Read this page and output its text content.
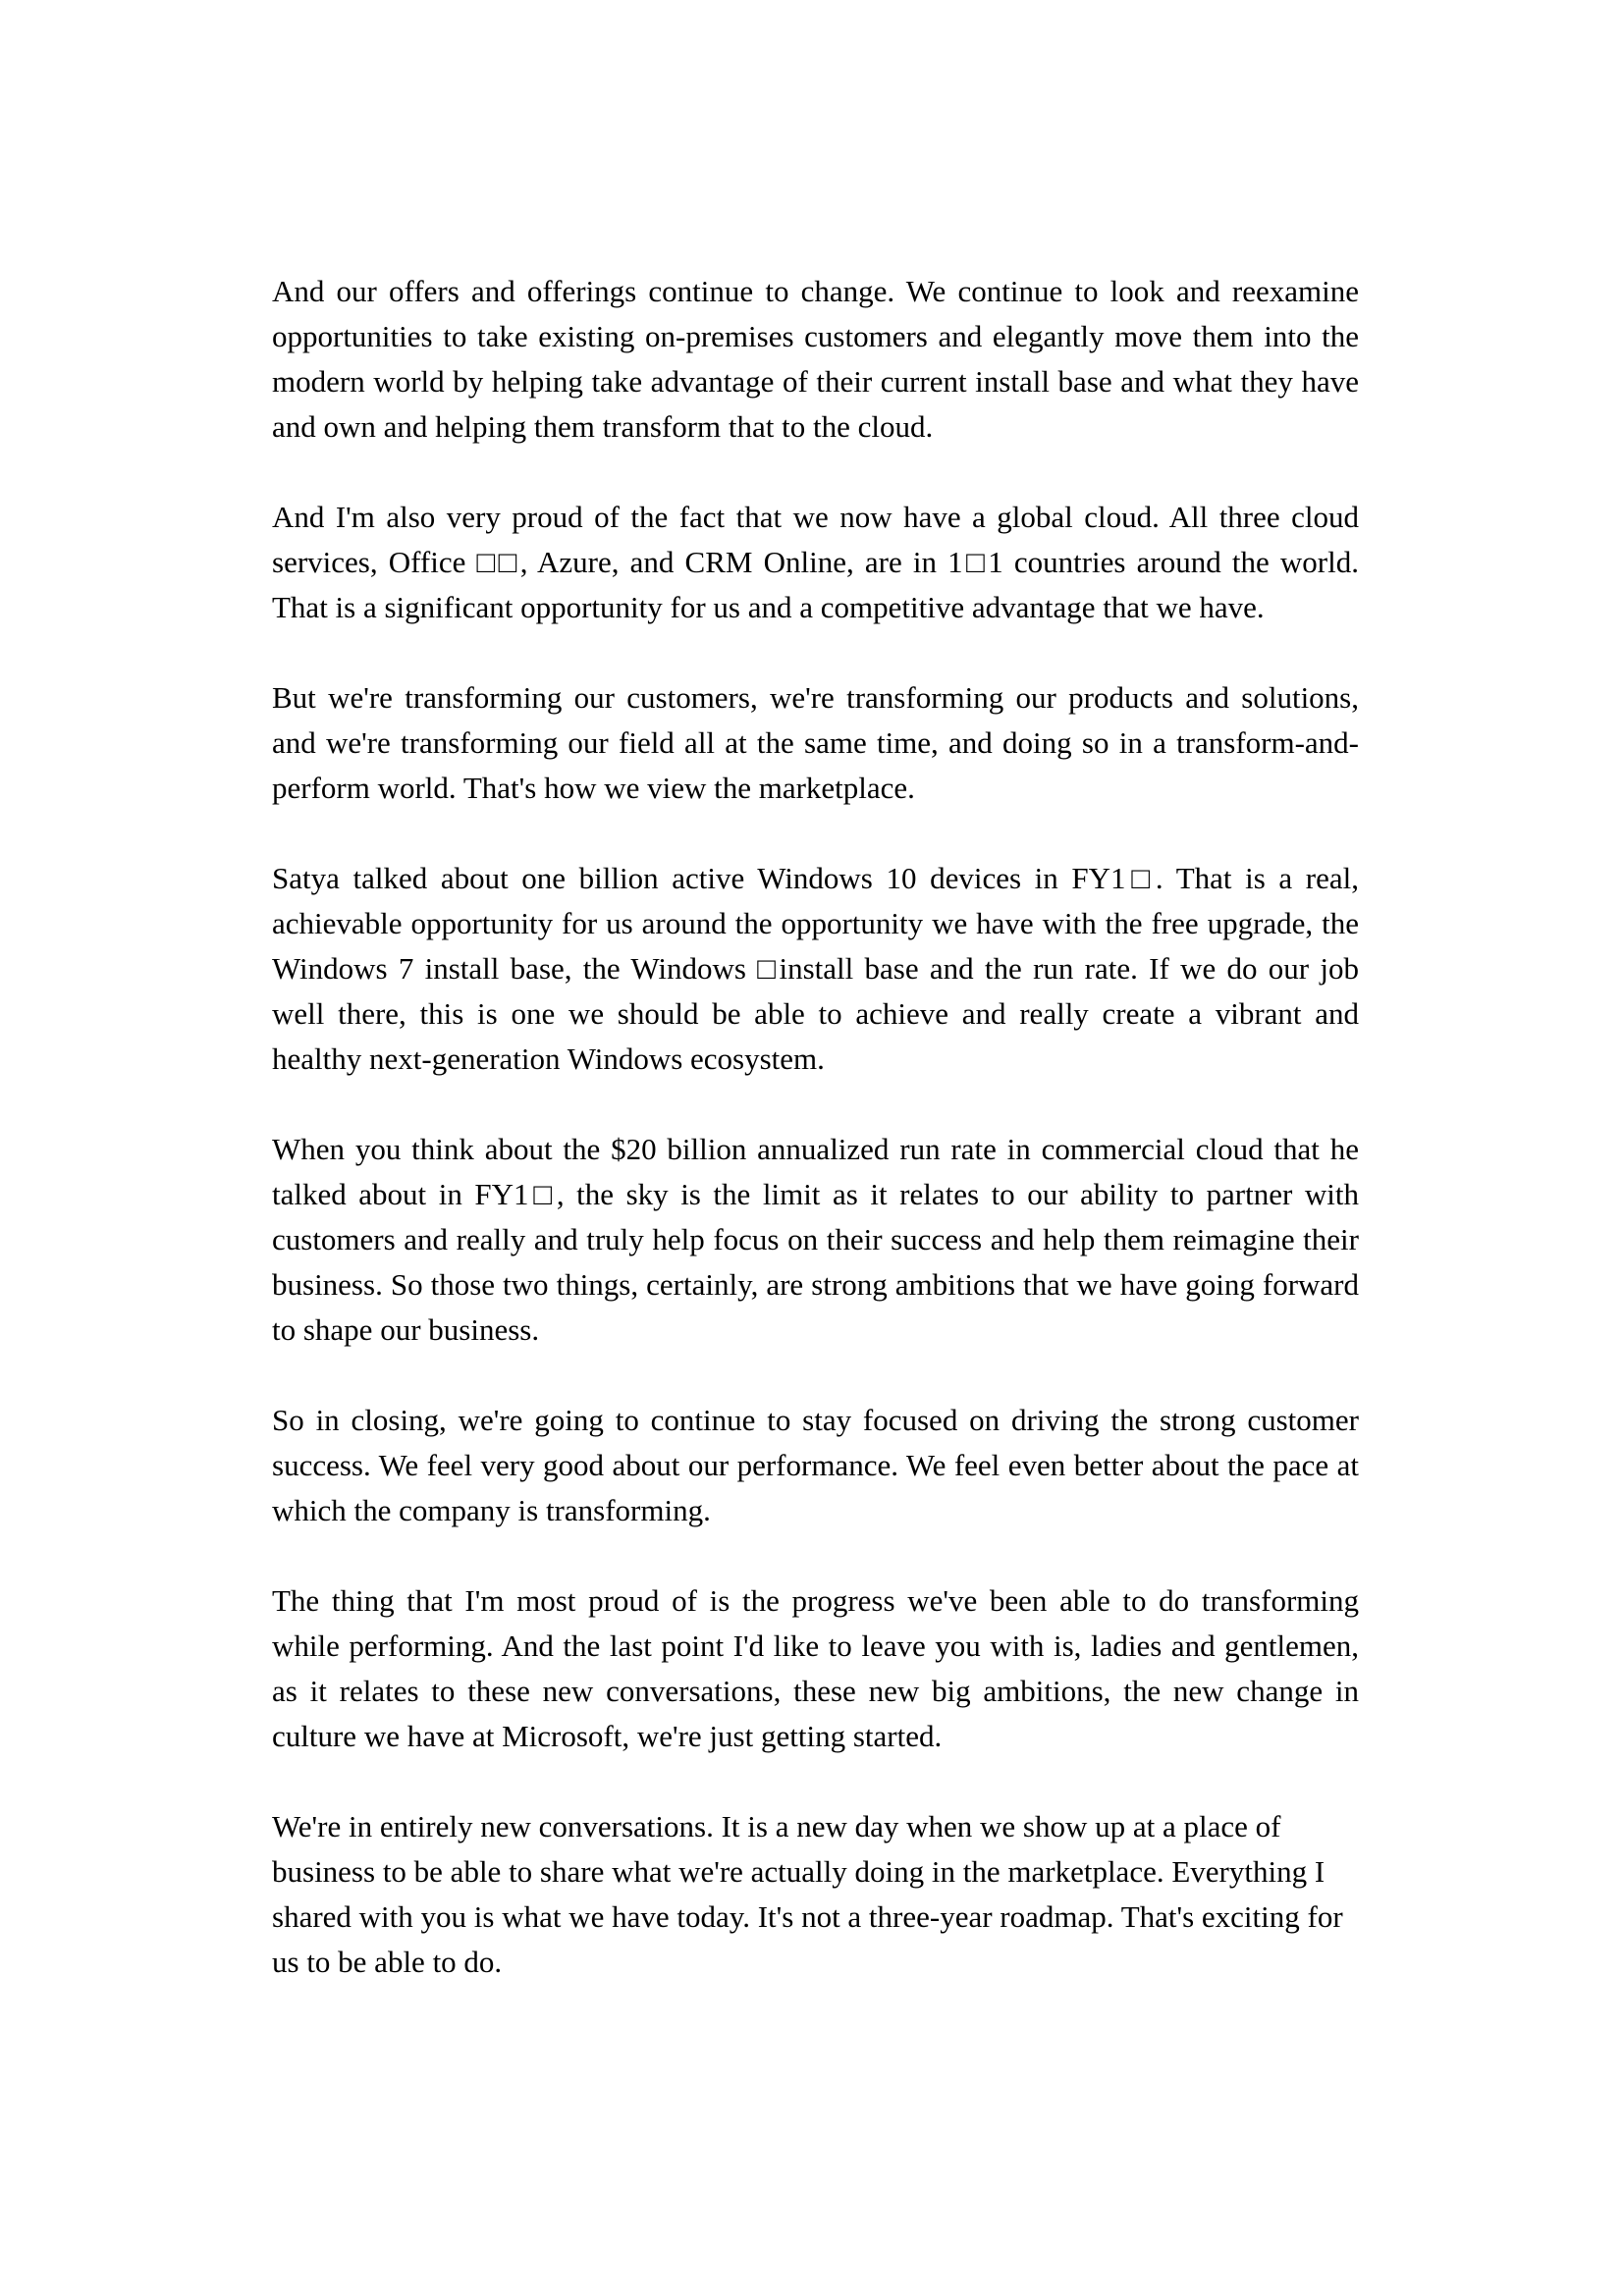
And our offers and offerings continue to change. We continue to look and reexamine opportunities to take existing on-premises customers and elegantly move them into the modern world by helping take advantage of their current install base and what they have and own and helping them transform that to the cloud.

And I'm also very proud of the fact that we now have a global cloud. All three cloud services, Office □□, Azure, and CRM Online, are in 1□1 countries around the world. That is a significant opportunity for us and a competitive advantage that we have.

But we're transforming our customers, we're transforming our products and solutions, and we're transforming our field all at the same time, and doing so in a transform-and-perform world. That's how we view the marketplace.

Satya talked about one billion active Windows 10 devices in FY1□. That is a real, achievable opportunity for us around the opportunity we have with the free upgrade, the Windows 7 install base, the Windows □install base and the run rate. If we do our job well there, this is one we should be able to achieve and really create a vibrant and healthy next-generation Windows ecosystem.

When you think about the $20 billion annualized run rate in commercial cloud that he talked about in FY1□, the sky is the limit as it relates to our ability to partner with customers and really and truly help focus on their success and help them reimagine their business. So those two things, certainly, are strong ambitions that we have going forward to shape our business.

So in closing, we're going to continue to stay focused on driving the strong customer success. We feel very good about our performance. We feel even better about the pace at which the company is transforming.

The thing that I'm most proud of is the progress we've been able to do transforming while performing. And the last point I'd like to leave you with is, ladies and gentlemen, as it relates to these new conversations, these new big ambitions, the new change in culture we have at Microsoft, we're just getting started.

We're in entirely new conversations. It is a new day when we show up at a place of business to be able to share what we're actually doing in the marketplace. Everything I shared with you is what we have today. It's not a three-year roadmap. That's exciting for us to be able to do.
